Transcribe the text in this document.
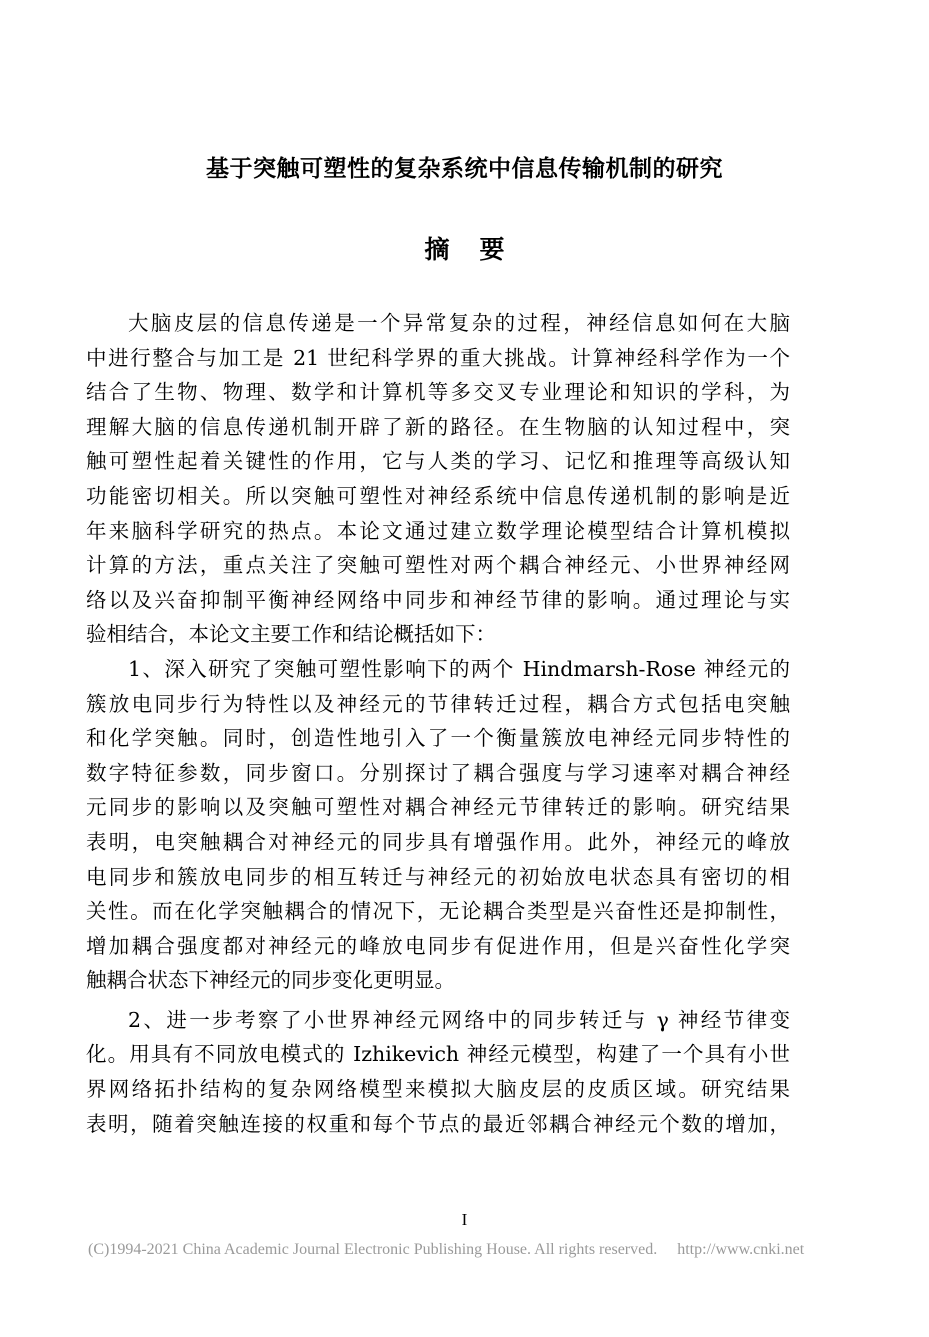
基于突触可塑性的复杂系统中信息传输机制的研究
摘要
大脑皮层的信息传递是一个异常复杂的过程，神经信息如何在大脑
中进行整合与加工是 21 世纪科学界的重大挑战。计算神经科学作为一个
结合了生物、物理、数学和计算机等多交叉专业理论和知识的学科，为
理解大脑的信息传递机制开辟了新的路径。在生物脑的认知过程中，突
触可塑性起着关键性的作用，它与人类的学习、记忆和推理等高级认知
功能密切相关。所以突触可塑性对神经系统中信息传递机制的影响是近
年来脑科学研究的热点。本论文通过建立数学理论模型结合计算机模拟
计算的方法，重点关注了突触可塑性对两个耦合神经元、小世界神经网
络以及兴奋抑制平衡神经网络中同步和神经节律的影响。通过理论与实
验相结合，本论文主要工作和结论概括如下：
1、深入研究了突触可塑性影响下的两个 Hindmarsh-Rose 神经元的
簇放电同步行为特性以及神经元的节律转迁过程，耦合方式包括电突触
和化学突触。同时，创造性地引入了一个衡量簇放电神经元同步特性的
数字特征参数，同步窗口。分别探讨了耦合强度与学习速率对耦合神经
元同步的影响以及突触可塑性对耦合神经元节律转迁的影响。研究结果
表明，电突触耦合对神经元的同步具有增强作用。此外，神经元的峰放
电同步和簇放电同步的相互转迁与神经元的初始放电状态具有密切的相
关性。而在化学突触耦合的情况下，无论耦合类型是兴奋性还是抑制性，
增加耦合强度都对神经元的峰放电同步有促进作用，但是兴奋性化学突
触耦合状态下神经元的同步变化更明显。
2、进一步考察了小世界神经元网络中的同步转迁与 γ 神经节律变
化。用具有不同放电模式的 Izhikevich 神经元模型，构建了一个具有小世
界网络拓扑结构的复杂网络模型来模拟大脑皮层的皮质区域。研究结果
表明，随着突触连接的权重和每个节点的最近邻耦合神经元个数的增加，
I
(C)1994-2021 China Academic Journal Electronic Publishing House. All rights reserved. http://www.cnki.net
